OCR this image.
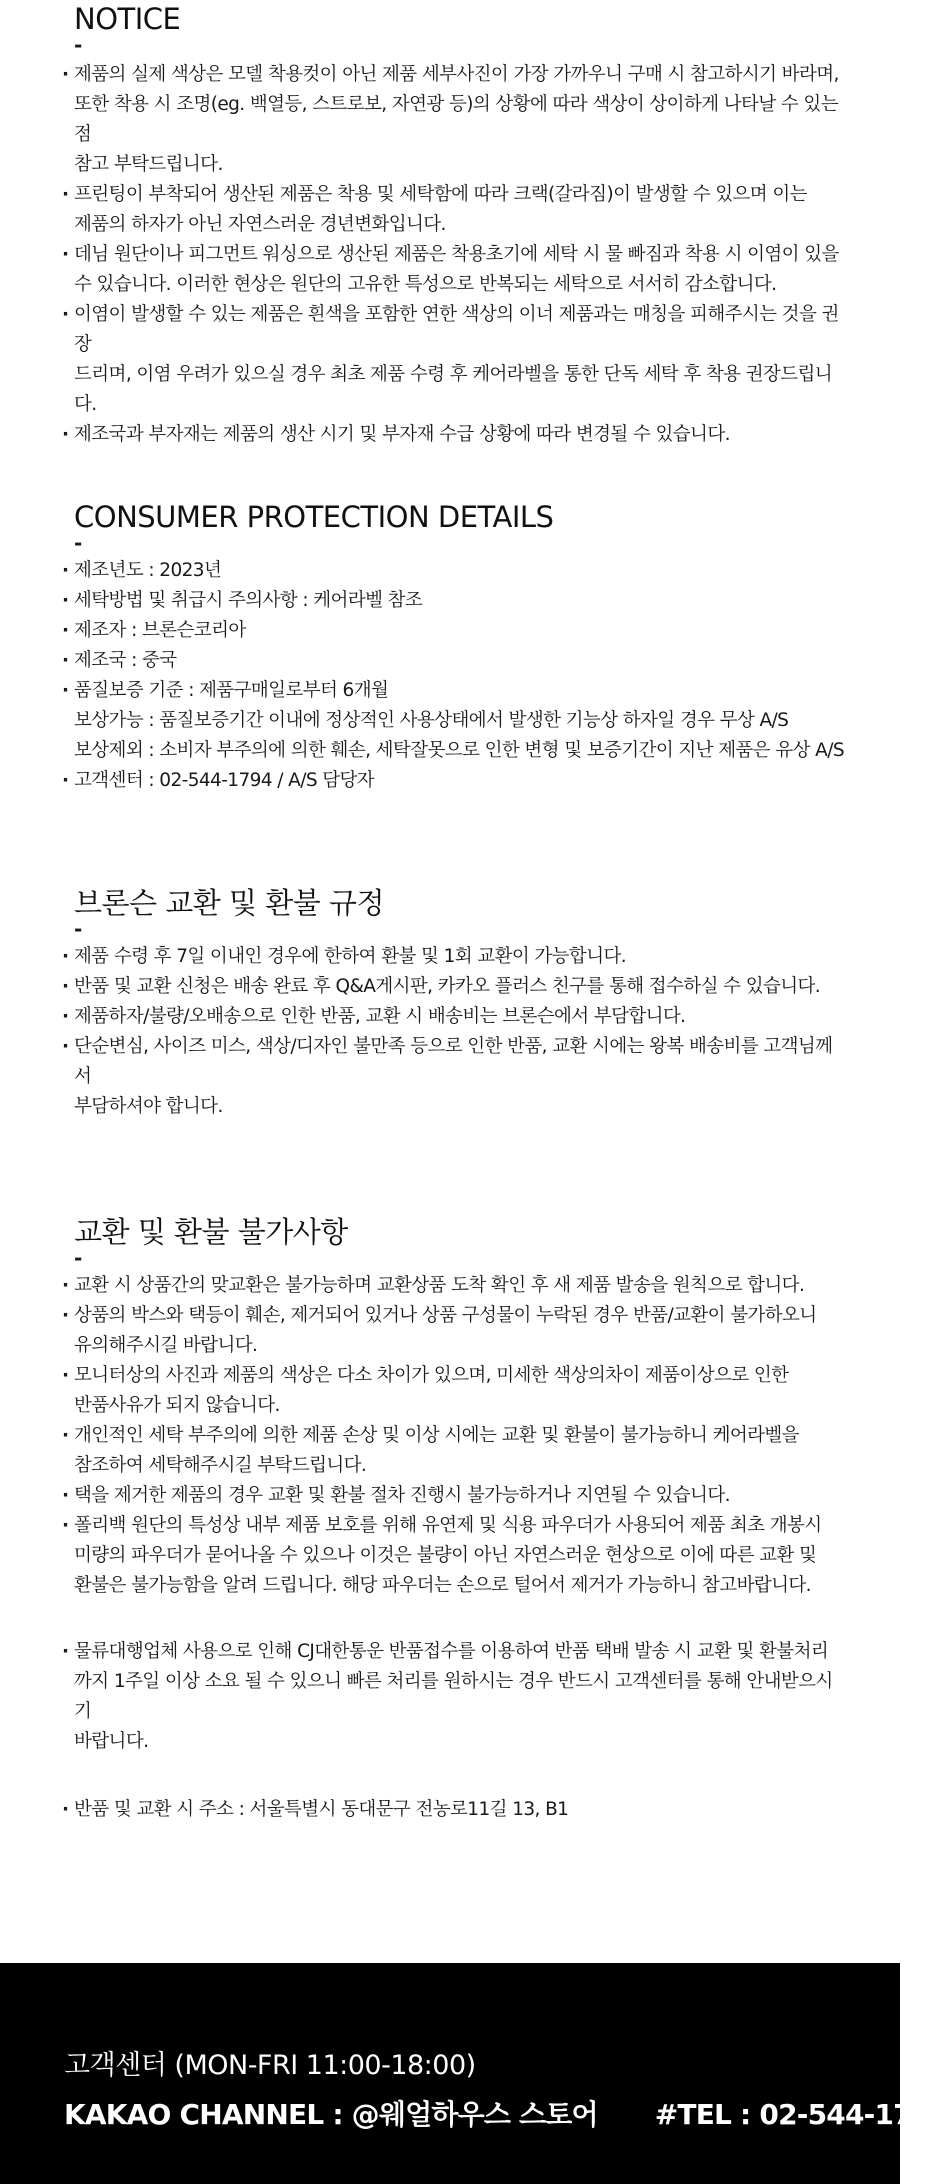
NOTICE
-
· 제품의 실제 색상은 모델 착용컷이 아닌 제품 세부사진이 가장 가까우니 구매 시 참고하시기 바라며,
또한 착용 시 조명(eg. 백열등, 스트로보, 자연광 등)의 상황에 따라 색상이 상이하게 나타날 수 있는 점
참고 부탁드립니다.
· 프린팅이 부착되어 생산된 제품은 착용 및 세탁함에 따라 크랙(갈라짐)이 발생할 수 있으며 이는
제품의 하자가 아닌 자연스러운 경년변화입니다.
· 데님 원단이나 피그먼트 워싱으로 생산된 제품은 착용초기에 세탁 시 물 빠짐과 착용 시 이염이 있을
수 있습니다. 이러한 현상은 원단의 고유한 특성으로 반복되는 세탁으로 서서히 감소합니다.
· 이염이 발생할 수 있는 제품은 흰색을 포함한 연한 색상의 이너 제품과는 매칭을 피해주시는 것을 권장
드리며, 이염 우려가 있으실 경우 최초 제품 수령 후 케어라벨을 통한 단독 세탁 후 착용 권장드립니다.
· 제조국과 부자재는 제품의 생산 시기 및 부자재 수급 상황에 따라 변경될 수 있습니다.
CONSUMER PROTECTION DETAILS
-
· 제조년도 : 2023년
· 세탁방법 및 취급시 주의사항 : 케어라벨 참조
· 제조자 : 브론슨코리아
· 제조국 : 중국
· 품질보증 기준 : 제품구매일로부터 6개월
보상가능 : 품질보증기간 이내에 정상적인 사용상태에서 발생한 기능상 하자일 경우 무상 A/S
보상제외 : 소비자 부주의에 의한 훼손, 세탁잘못으로 인한 변형 및 보증기간이 지난 제품은 유상 A/S
· 고객센터 : 02-544-1794 / A/S 담당자
브론슨 교환 및 환불 규정
-
· 제품 수령 후 7일 이내인 경우에 한하여 환불 및 1회 교환이 가능합니다.
· 반품 및 교환 신청은 배송 완료 후 Q&A게시판, 카카오 플러스 친구를 통해 접수하실 수 있습니다.
· 제품하자/불량/오배송으로 인한 반품, 교환 시 배송비는 브론슨에서 부담합니다.
· 단순변심, 사이즈 미스, 색상/디자인 불만족 등으로 인한 반품, 교환 시에는 왕복 배송비를 고객님께서
부담하셔야 합니다.
교환 및 환불 불가사항
-
· 교환 시 상품간의 맞교환은 불가능하며 교환상품 도착 확인 후 새 제품 발송을 원칙으로 합니다.
· 상품의 박스와 택등이 훼손, 제거되어 있거나 상품 구성물이 누락된 경우 반품/교환이 불가하오니
유의해주시길 바랍니다.
· 모니터상의 사진과 제품의 색상은 다소 차이가 있으며, 미세한 색상의차이 제품이상으로 인한
반품사유가 되지 않습니다.
· 개인적인 세탁 부주의에 의한 제품 손상 및 이상 시에는 교환 및 환불이 불가능하니 케어라벨을
참조하여 세탁해주시길 부탁드립니다.
· 택을 제거한 제품의 경우 교환 및 환불 절차 진행시 불가능하거나 지연될 수 있습니다.
· 폴리백 원단의 특성상 내부 제품 보호를 위해 유연제 및 식용 파우더가 사용되어 제품 최초 개봉시
미량의 파우더가 묻어나올 수 있으나 이것은 불량이 아닌 자연스러운 현상으로 이에 따른 교환 및
환불은 불가능함을 알려 드립니다. 해당 파우더는 손으로 털어서 제거가 가능하니 참고바랍니다.
· 물류대행업체 사용으로 인해 CJ대한통운 반품접수를 이용하여 반품 택배 발송 시 교환 및 환불처리
까지 1주일 이상 소요 될 수 있으니 빠른 처리를 원하시는 경우 반드시 고객센터를 통해 안내받으시기
바랍니다.
· 반품 및 교환 시 주소 : 서울특별시 동대문구 전농로11길 13, B1
고객센터 (MON-FRI 11:00-18:00)
KAKAO CHANNEL : @웨얼하우스 스토어 #TEL : 02-544-1794
